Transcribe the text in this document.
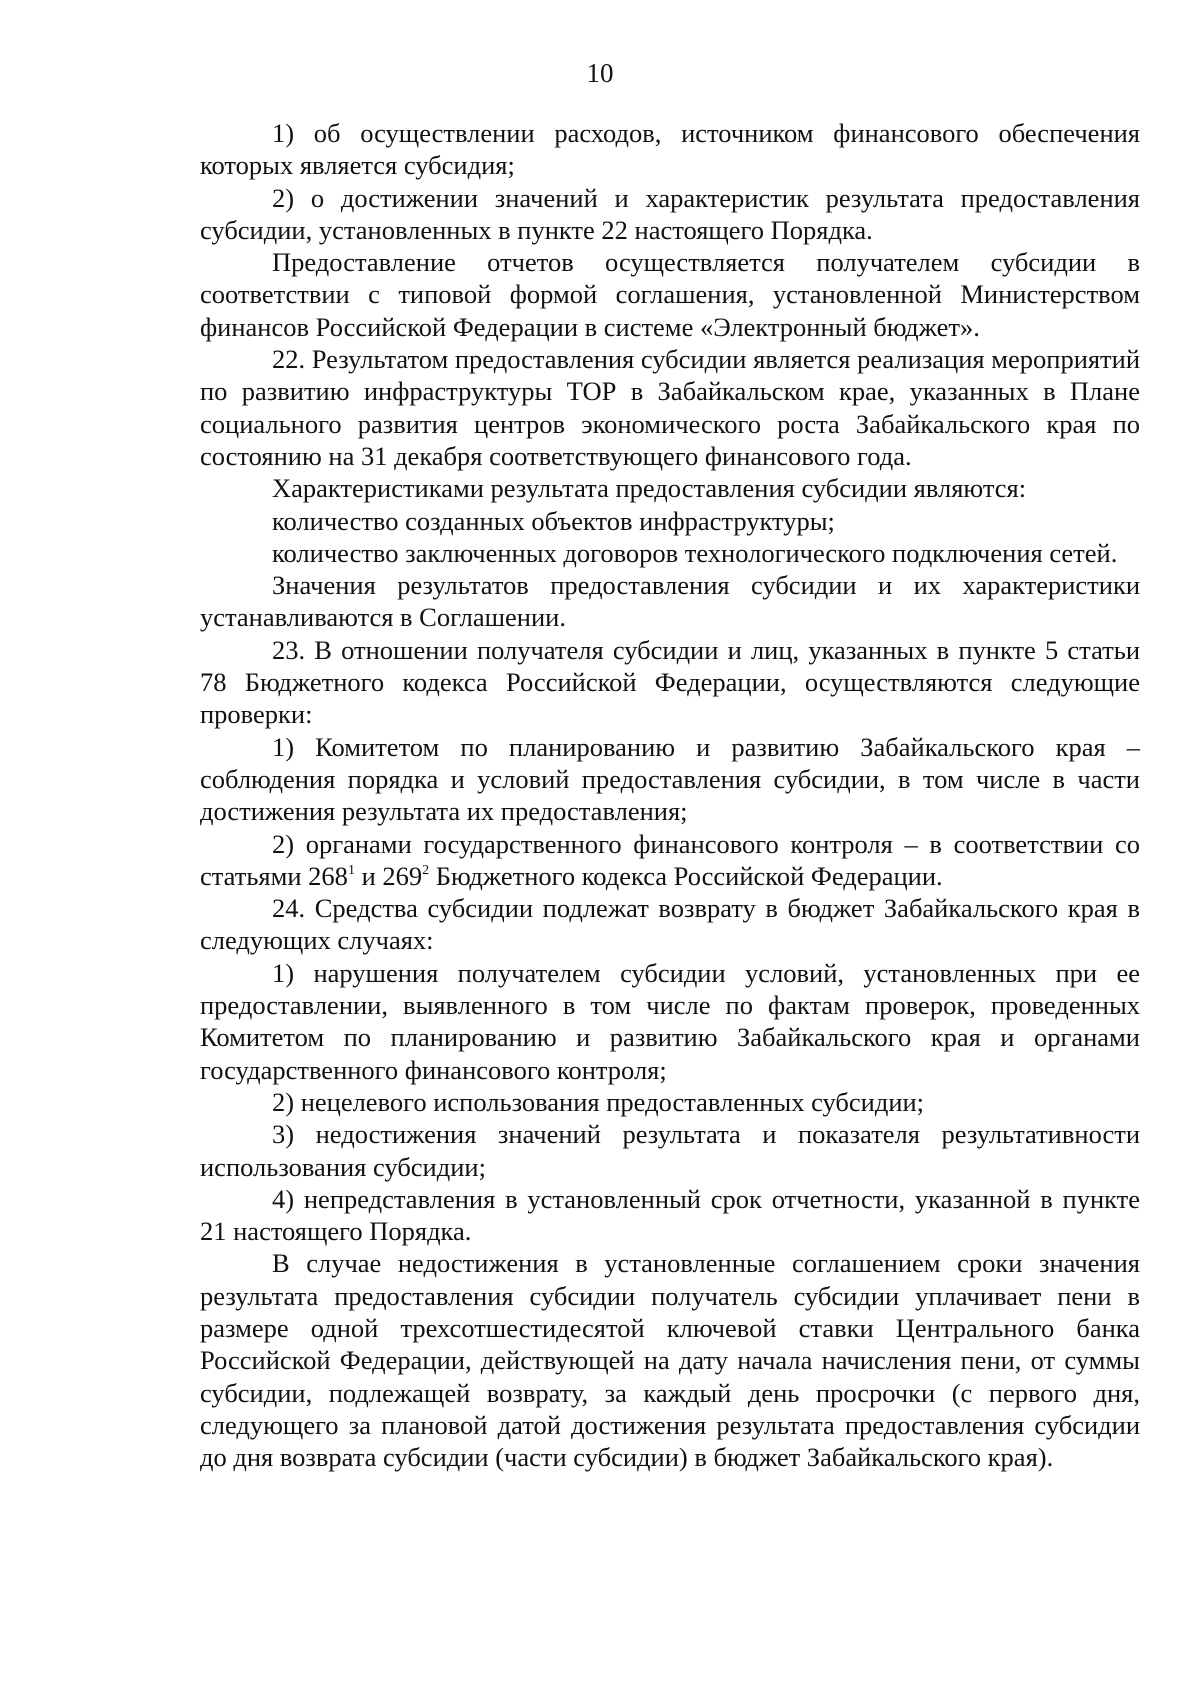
10

1) об осуществлении расходов, источником финансового обеспечения которых является субсидия;

2) о достижении значений и характеристик результата предоставления субсидии, установленных в пункте 22 настоящего Порядка.

Предоставление отчетов осуществляется получателем субсидии в соответствии с типовой формой соглашения, установленной Министерством финансов Российской Федерации в системе «Электронный бюджет».

22. Результатом предоставления субсидии является реализация мероприятий по развитию инфраструктуры ТОР в Забайкальском крае, указанных в Плане социального развития центров экономического роста Забайкальского края по состоянию на 31 декабря соответствующего финансового года.

Характеристиками результата предоставления субсидии являются:

количество созданных объектов инфраструктуры;

количество заключенных договоров технологического подключения сетей.

Значения результатов предоставления субсидии и их характеристики устанавливаются в Соглашении.

23. В отношении получателя субсидии и лиц, указанных в пункте 5 статьи 78 Бюджетного кодекса Российской Федерации, осуществляются следующие проверки:

1) Комитетом по планированию и развитию Забайкальского края – соблюдения порядка и условий предоставления субсидии, в том числе в части достижения результата их предоставления;

2) органами государственного финансового контроля – в соответствии со статьями $268^1$ и $269^2$ Бюджетного кодекса Российской Федерации.

24. Средства субсидии подлежат возврату в бюджет Забайкальского края в следующих случаях:

1) нарушения получателем субсидии условий, установленных при ее предоставлении, выявленного в том числе по фактам проверок, проведенных Комитетом по планированию и развитию Забайкальского края и органами государственного финансового контроля;

2) нецелевого использования предоставленных субсидии;

3) недостижения значений результата и показателя результативности использования субсидии;

4) непредставления в установленный срок отчетности, указанной в пункте 21 настоящего Порядка.

В случае недостижения в установленные соглашением сроки значения результата предоставления субсидии получатель субсидии уплачивает пени в размере одной трехсотшестидесятой ключевой ставки Центрального банка Российской Федерации, действующей на дату начала начисления пени, от суммы субсидии, подлежащей возврату, за каждый день просрочки (с первого дня, следующего за плановой датой достижения результата предоставления субсидии до дня возврата субсидии (части субсидии) в бюджет Забайкальского края).
